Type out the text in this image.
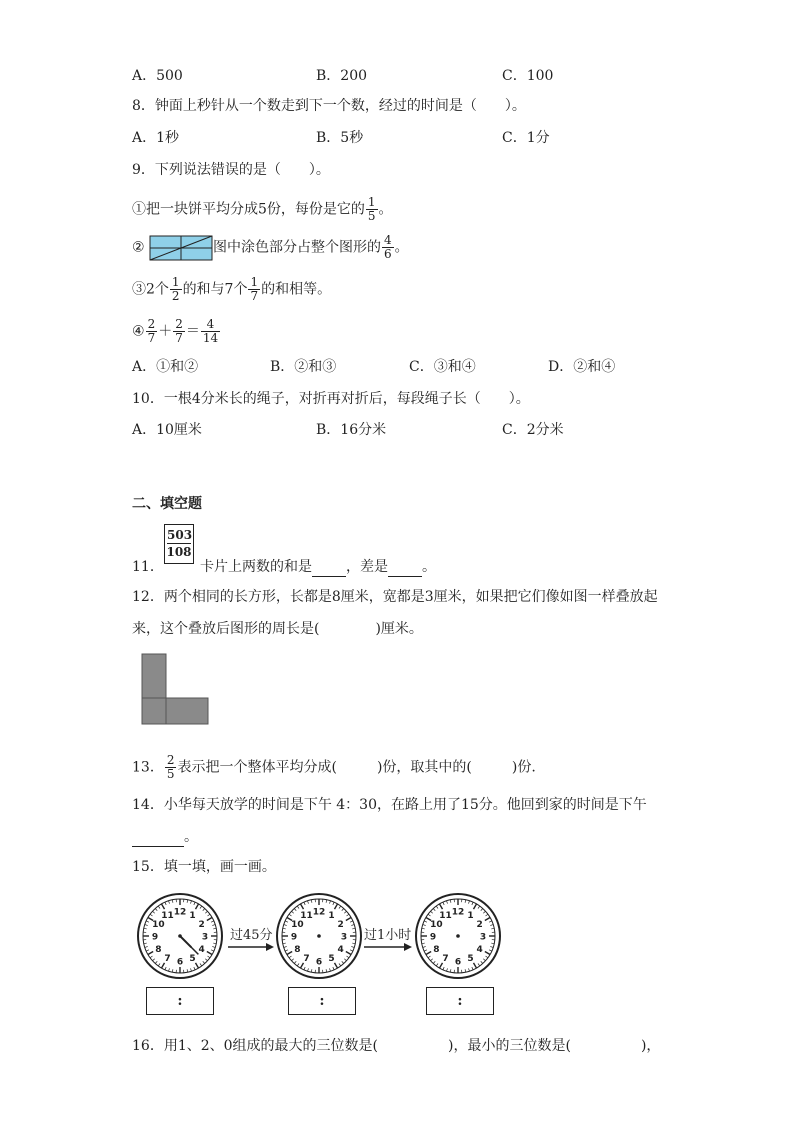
A．500	B．200	C．100
8．钟面上秒针从一个数走到下一个数，经过的时间是（　　）。
A．1秒	B．5秒	C．1分
9．下列说法错误的是（　　）。
①把一块饼平均分成5份，每份是它的 $\frac{1}{5}$ 。
②	图中涂色部分占整个图形的 $\frac{4}{6}$ 。
③2个 $\frac{1}{2}$ 的和与7个 $\frac{1}{7}$ 的和相等。
④ $\frac{2}{7} + \frac{2}{7} = \frac{4}{14}$
A．①和②	B．②和③	C．③和④	D．②和④
10．一根4分米长的绳子，对折再对折后，每段绳子长（　　）。
A．10厘米	B．16分米	C．2分米
二、填空题
503
108
11．	卡片上两数的和是 ，差是 。
12．两个相同的长方形，长都是8厘米，宽都是3厘米，如果把它们像如图一样叠放起
来，这个叠放后图形的周长是(	)厘米。
13． $\frac{2}{5}$ 表示把一个整体平均分成(	)份，取其中的(	)份.
14．小华每天放学的时间是下午 4：30，在路上用了15分。他回到家的时间是下午
。
15．填一填，画一画。
12 1
2
3
4
5
6
7
8
9
10
11	12 1
2
3
4
5
6
7
8
9
10
11	12 1
2
3
4
5
6
7
8
9
10
11
过45分	过1小时
:	:	:
16．用1、2、0组成的最大的三位数是(	)，最小的三位数是(	)，
